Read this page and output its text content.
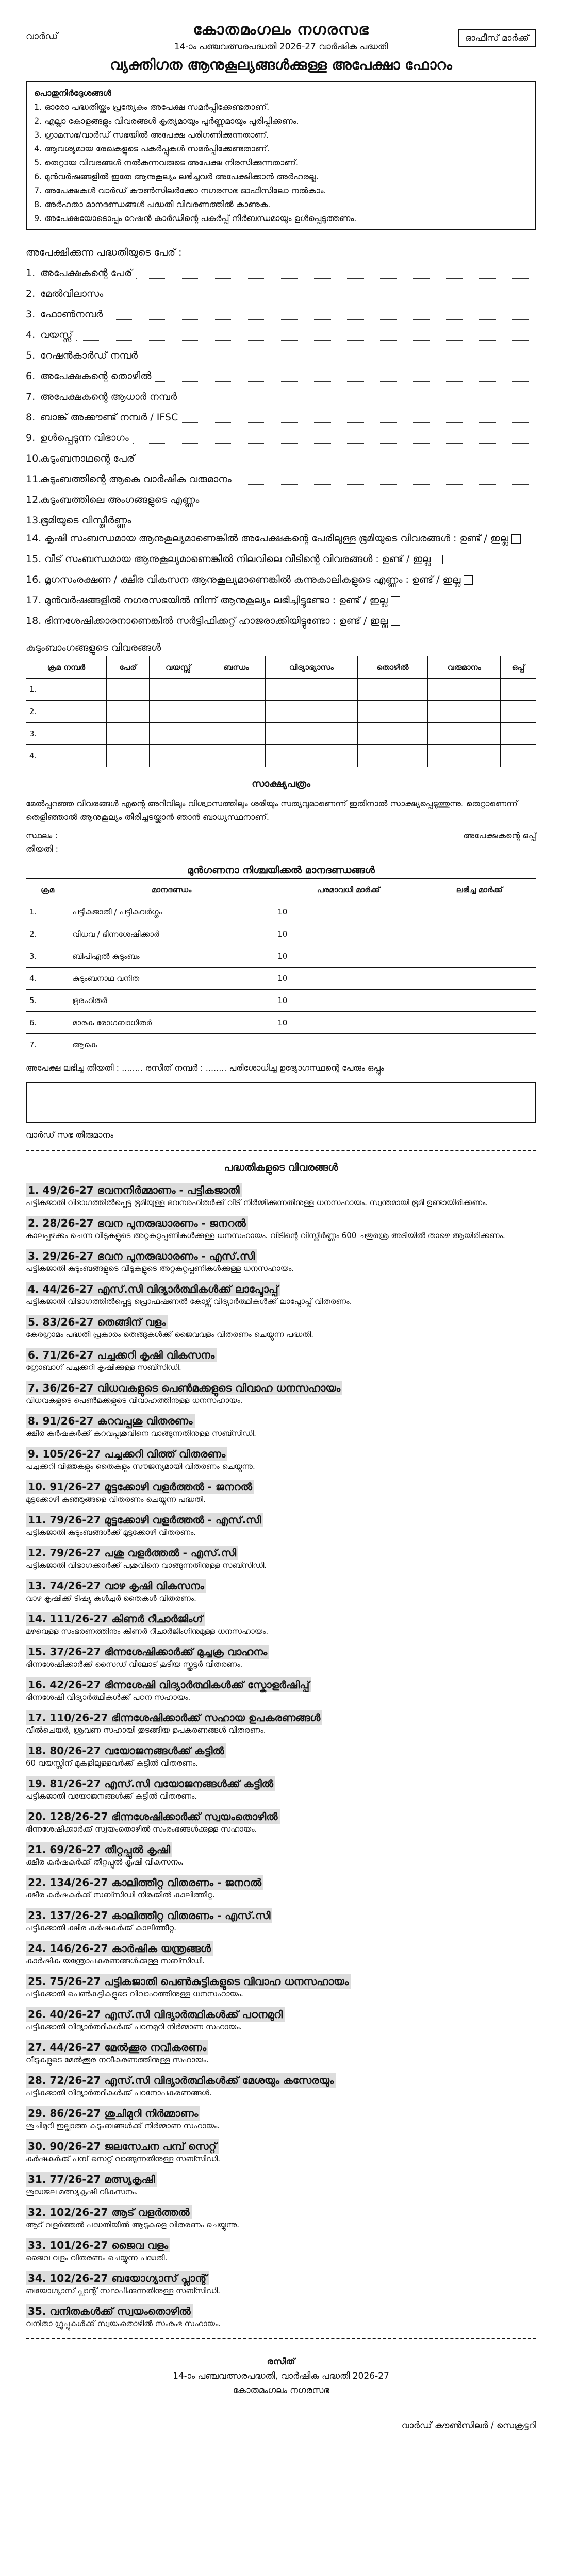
വാർഡ്	ഓഫീസ് മാർക്ക്
കോതമംഗലം നഗരസഭ
14-ാം പഞ്ചവത്സരപദ്ധതി 2026-27 വാർഷിക പദ്ധതി
വ്യക്തിഗത ആനുകൂല്യങ്ങൾക്കുള്ള അപേക്ഷാ ഫോറം
പൊതുനിർദ്ദേശങ്ങൾ
1. ഓരോ പദ്ധതിയ്ക്കും പ്രത്യേകം അപേക്ഷ സമർപ്പിക്കേണ്ടതാണ്.
2. എല്ലാ കോളങ്ങളും വിവരങ്ങൾ കൃത്യമായും പൂർണ്ണമായും പൂരിപ്പിക്കണം.
3. ഗ്രാമസഭ/വാർഡ് സഭയിൽ അപേക്ഷ പരിഗണിക്കുന്നതാണ്.
4. ആവശ്യമായ രേഖകളുടെ പകർപ്പുകൾ സമർപ്പിക്കേണ്ടതാണ്.
5. തെറ്റായ വിവരങ്ങൾ നൽകുന്നവരുടെ അപേക്ഷ നിരസിക്കുന്നതാണ്.
6. മുൻവർഷങ്ങളിൽ ഇതേ ആനുകൂല്യം ലഭിച്ചവർ അപേക്ഷിക്കാൻ അർഹരല്ല.
7. അപേക്ഷകൾ വാർഡ് കൗൺസിലർക്കോ നഗരസഭ ഓഫീസിലോ നൽകാം.
8. അർഹതാ മാനദണ്ഡങ്ങൾ പദ്ധതി വിവരണത്തിൽ കാണുക.
9. അപേക്ഷയോടൊപ്പം റേഷൻ കാർഡിന്റെ പകർപ്പ് നിർബന്ധമായും ഉൾപ്പെടുത്തണം.
അപേക്ഷിക്കുന്ന പദ്ധതിയുടെ പേര് :
1. അപേക്ഷകന്റെ പേര്
2. മേൽവിലാസം
3. ഫോൺനമ്പർ
4. വയസ്സ്
5. റേഷൻകാർഡ് നമ്പർ
6. അപേക്ഷകന്റെ തൊഴിൽ
7. അപേക്ഷകന്റെ ആധാർ നമ്പർ
8. ബാങ്ക് അക്കൗണ്ട് നമ്പർ / IFSC
9. ഉൾപ്പെടുന്ന വിഭാഗം
10.
കുടുംബനാഥന്റെ പേര്
11.
കുടുംബത്തിന്റെ ആകെ വാർഷിക വരുമാനം
12.
കുടുംബത്തിലെ അംഗങ്ങളുടെ എണ്ണം
13.
ഭൂമിയുടെ വിസ്തീർണ്ണം
14. കൃഷി സംബന്ധമായ ആനുകൂല്യമാണെങ്കിൽ അപേക്ഷകന്റെ പേരിലുള്ള ഭൂമിയുടെ വിവരങ്ങൾ : ഉണ്ട് / ഇല്ല
15. വീട് സംബന്ധമായ ആനുകൂല്യമാണെങ്കിൽ നിലവിലെ വീടിന്റെ വിവരങ്ങൾ : ഉണ്ട് / ഇല്ല
16. മൃഗസംരക്ഷണ / ക്ഷീര വികസന ആനുകൂല്യമാണെങ്കിൽ കന്നുകാലികളുടെ എണ്ണം : ഉണ്ട് / ഇല്ല
17. മുൻവർഷങ്ങളിൽ നഗരസഭയിൽ നിന്ന് ആനുകൂല്യം ലഭിച്ചിട്ടുണ്ടോ : ഉണ്ട് / ഇല്ല
18. ഭിന്നശേഷിക്കാരനാണെങ്കിൽ സർട്ടിഫിക്കറ്റ് ഹാജരാക്കിയിട്ടുണ്ടോ : ഉണ്ട് / ഇല്ല
കുടുംബാംഗങ്ങളുടെ വിവരങ്ങൾ
ക്രമ നമ്പർ	പേര്	വയസ്സ്	ബന്ധം	വിദ്യാഭ്യാസം	തൊഴിൽ	വരുമാനം	ഒപ്പ്
1.							
2.							
3.							
4.							
സാക്ഷ്യപത്രം
മേൽപ്പറഞ്ഞ വിവരങ്ങൾ എന്റെ അറിവിലും വിശ്വാസത്തിലും ശരിയും സത്യവുമാണെന്ന് ഇതിനാൽ സാക്ഷ്യപ്പെടുത്തുന്നു. തെറ്റാണെന്ന് തെളിഞ്ഞാൽ ആനുകൂല്യം തിരിച്ചടയ്ക്കാൻ ഞാൻ ബാധ്യസ്ഥനാണ്.
സ്ഥലം :
തീയതി :
അപേക്ഷകന്റെ ഒപ്പ്
മുൻഗണനാ നിശ്ചയിക്കൽ മാനദണ്ഡങ്ങൾ
ക്രമ	മാനദണ്ഡം	പരമാവധി മാർക്ക്	ലഭിച്ച മാർക്ക്
1.	പട്ടികജാതി / പട്ടികവർഗ്ഗം	10	
2.	വിധവ / ഭിന്നശേഷിക്കാർ	10	
3.	ബിപിഎൽ കുടുംബം	10	
4.	കുടുംബനാഥ വനിത	10	
5.	ഭൂരഹിതർ	10	
6.	മാരക രോഗബാധിതർ	10	
7.	ആകെ		
അപേക്ഷ ലഭിച്ച തീയതി : ........ രസീത് നമ്പർ : ........ പരിശോധിച്ച ഉദ്യോഗസ്ഥന്റെ പേരും ഒപ്പും
വാർഡ് സഭ തീരുമാനം
പദ്ധതികളുടെ വിവരങ്ങൾ
1. 49/26-27 ഭവനനിർമ്മാണം - പട്ടികജാതി
പട്ടികജാതി വിഭാഗത്തിൽപ്പെട്ട ഭൂമിയുള്ള ഭവനരഹിതർക്ക് വീട് നിർമ്മിക്കുന്നതിനുള്ള ധനസഹായം. സ്വന്തമായി ഭൂമി ഉണ്ടായിരിക്കണം.
2. 28/26-27 ഭവന പുനരുദ്ധാരണം - ജനറൽ
കാലപ്പഴക്കം ചെന്ന വീടുകളുടെ അറ്റകുറ്റപ്പണികൾക്കുള്ള ധനസഹായം. വീടിന്റെ വിസ്തീർണ്ണം 600 ചതുരശ്ര അടിയിൽ താഴെ ആയിരിക്കണം.
3. 29/26-27 ഭവന പുനരുദ്ധാരണം - എസ്.സി
പട്ടികജാതി കുടുംബങ്ങളുടെ വീടുകളുടെ അറ്റകുറ്റപ്പണികൾക്കുള്ള ധനസഹായം.
4. 44/26-27 എസ്.സി വിദ്യാർത്ഥികൾക്ക് ലാപ്ടോപ്പ്
പട്ടികജാതി വിഭാഗത്തിൽപ്പെട്ട പ്രൊഫഷണൽ കോഴ്സ് വിദ്യാർത്ഥികൾക്ക് ലാപ്ടോപ്പ് വിതരണം.
5. 83/26-27 തെങ്ങിന് വളം
കേരഗ്രാമം പദ്ധതി പ്രകാരം തെങ്ങുകൾക്ക് ജൈവവളം വിതരണം ചെയ്യുന്ന പദ്ധതി.
6. 71/26-27 പച്ചക്കറി കൃഷി വികസനം
ഗ്രോബാഗ് പച്ചക്കറി കൃഷിക്കുള്ള സബ്സിഡി.
7. 36/26-27 വിധവകളുടെ പെൺമക്കളുടെ വിവാഹ ധനസഹായം
വിധവകളുടെ പെൺമക്കളുടെ വിവാഹത്തിനുള്ള ധനസഹായം.
8. 91/26-27 കറവപ്പശു വിതരണം
ക്ഷീര കർഷകർക്ക് കറവപ്പശുവിനെ വാങ്ങുന്നതിനുള്ള സബ്സിഡി.
9. 105/26-27 പച്ചക്കറി വിത്ത് വിതരണം
പച്ചക്കറി വിത്തുകളും തൈകളും സൗജന്യമായി വിതരണം ചെയ്യുന്നു.
10. 91/26-27 മുട്ടക്കോഴി വളർത്തൽ - ജനറൽ
മുട്ടക്കോഴി കുഞ്ഞുങ്ങളെ വിതരണം ചെയ്യുന്ന പദ്ധതി.
11. 79/26-27 മുട്ടക്കോഴി വളർത്തൽ - എസ്.സി
പട്ടികജാതി കുടുംബങ്ങൾക്ക് മുട്ടക്കോഴി വിതരണം.
12. 79/26-27 പശു വളർത്തൽ - എസ്.സി
പട്ടികജാതി വിഭാഗക്കാർക്ക് പശുവിനെ വാങ്ങുന്നതിനുള്ള സബ്സിഡി.
13. 74/26-27 വാഴ കൃഷി വികസനം
വാഴ കൃഷിക്ക് ടിഷ്യു കൾച്ചർ തൈകൾ വിതരണം.
14. 111/26-27 കിണർ റീചാർജിംഗ്
മഴവെള്ള സംഭരണത്തിനും കിണർ റീചാർജിംഗിനുമുള്ള ധനസഹായം.
15. 37/26-27 ഭിന്നശേഷിക്കാർക്ക് മുച്ചക്ര വാഹനം
ഭിന്നശേഷിക്കാർക്ക് സൈഡ് വീലോട് കൂടിയ സ്കൂട്ടർ വിതരണം.
16. 42/26-27 ഭിന്നശേഷി വിദ്യാർത്ഥികൾക്ക് സ്കോളർഷിപ്പ്
ഭിന്നശേഷി വിദ്യാർത്ഥികൾക്ക് പഠന സഹായം.
17. 110/26-27 ഭിന്നശേഷിക്കാർക്ക് സഹായ ഉപകരണങ്ങൾ
വീൽചെയർ, ശ്രവണ സഹായി തുടങ്ങിയ ഉപകരണങ്ങൾ വിതരണം.
18. 80/26-27 വയോജനങ്ങൾക്ക് കട്ടിൽ
60 വയസ്സിന് മുകളിലുള്ളവർക്ക് കട്ടിൽ വിതരണം.
19. 81/26-27 എസ്.സി വയോജനങ്ങൾക്ക് കട്ടിൽ
പട്ടികജാതി വയോജനങ്ങൾക്ക് കട്ടിൽ വിതരണം.
20. 128/26-27 ഭിന്നശേഷിക്കാർക്ക് സ്വയംതൊഴിൽ
ഭിന്നശേഷിക്കാർക്ക് സ്വയംതൊഴിൽ സംരംഭങ്ങൾക്കുള്ള സഹായം.
21. 69/26-27 തീറ്റപ്പുൽ കൃഷി
ക്ഷീര കർഷകർക്ക് തീറ്റപ്പുൽ കൃഷി വികസനം.
22. 134/26-27 കാലിത്തീറ്റ വിതരണം - ജനറൽ
ക്ഷീര കർഷകർക്ക് സബ്സിഡി നിരക്കിൽ കാലിത്തീറ്റ.
23. 137/26-27 കാലിത്തീറ്റ വിതരണം - എസ്.സി
പട്ടികജാതി ക്ഷീര കർഷകർക്ക് കാലിത്തീറ്റ.
24. 146/26-27 കാർഷിക യന്ത്രങ്ങൾ
കാർഷിക യന്ത്രോപകരണങ്ങൾക്കുള്ള സബ്സിഡി.
25. 75/26-27 പട്ടികജാതി പെൺകുട്ടികളുടെ വിവാഹ ധനസഹായം
പട്ടികജാതി പെൺകുട്ടികളുടെ വിവാഹത്തിനുള്ള ധനസഹായം.
26. 40/26-27 എസ്.സി വിദ്യാർത്ഥികൾക്ക് പഠനമുറി
പട്ടികജാതി വിദ്യാർത്ഥികൾക്ക് പഠനമുറി നിർമ്മാണ സഹായം.
27. 44/26-27 മേൽക്കൂര നവീകരണം
വീടുകളുടെ മേൽക്കൂര നവീകരണത്തിനുള്ള സഹായം.
28. 72/26-27 എസ്.സി വിദ്യാർത്ഥികൾക്ക് മേശയും കസേരയും
പട്ടികജാതി വിദ്യാർത്ഥികൾക്ക് പഠനോപകരണങ്ങൾ.
29. 86/26-27 ശുചിമുറി നിർമ്മാണം
ശുചിമുറി ഇല്ലാത്ത കുടുംബങ്ങൾക്ക് നിർമ്മാണ സഹായം.
30. 90/26-27 ജലസേചന പമ്പ് സെറ്റ്
കർഷകർക്ക് പമ്പ് സെറ്റ് വാങ്ങുന്നതിനുള്ള സബ്സിഡി.
31. 77/26-27 മത്സ്യകൃഷി
ശുദ്ധജല മത്സ്യകൃഷി വികസനം.
32. 102/26-27 ആട് വളർത്തൽ
ആട് വളർത്തൽ പദ്ധതിയിൽ ആടുകളെ വിതരണം ചെയ്യുന്നു.
33. 101/26-27 ജൈവ വളം
ജൈവ വളം വിതരണം ചെയ്യുന്ന പദ്ധതി.
34. 102/26-27 ബയോഗ്യാസ് പ്ലാന്റ്
ബയോഗ്യാസ് പ്ലാന്റ് സ്ഥാപിക്കുന്നതിനുള്ള സബ്സിഡി.
35. വനിതകൾക്ക് സ്വയംതൊഴിൽ
വനിതാ ഗ്രൂപ്പുകൾക്ക് സ്വയംതൊഴിൽ സംരംഭ സഹായം.
രസീത്
14-ാം പഞ്ചവത്സരപദ്ധതി, വാർഷിക പദ്ധതി 2026-27
കോതമംഗലം നഗരസഭ
വാർഡ് കൗൺസിലർ / സെക്രട്ടറി
